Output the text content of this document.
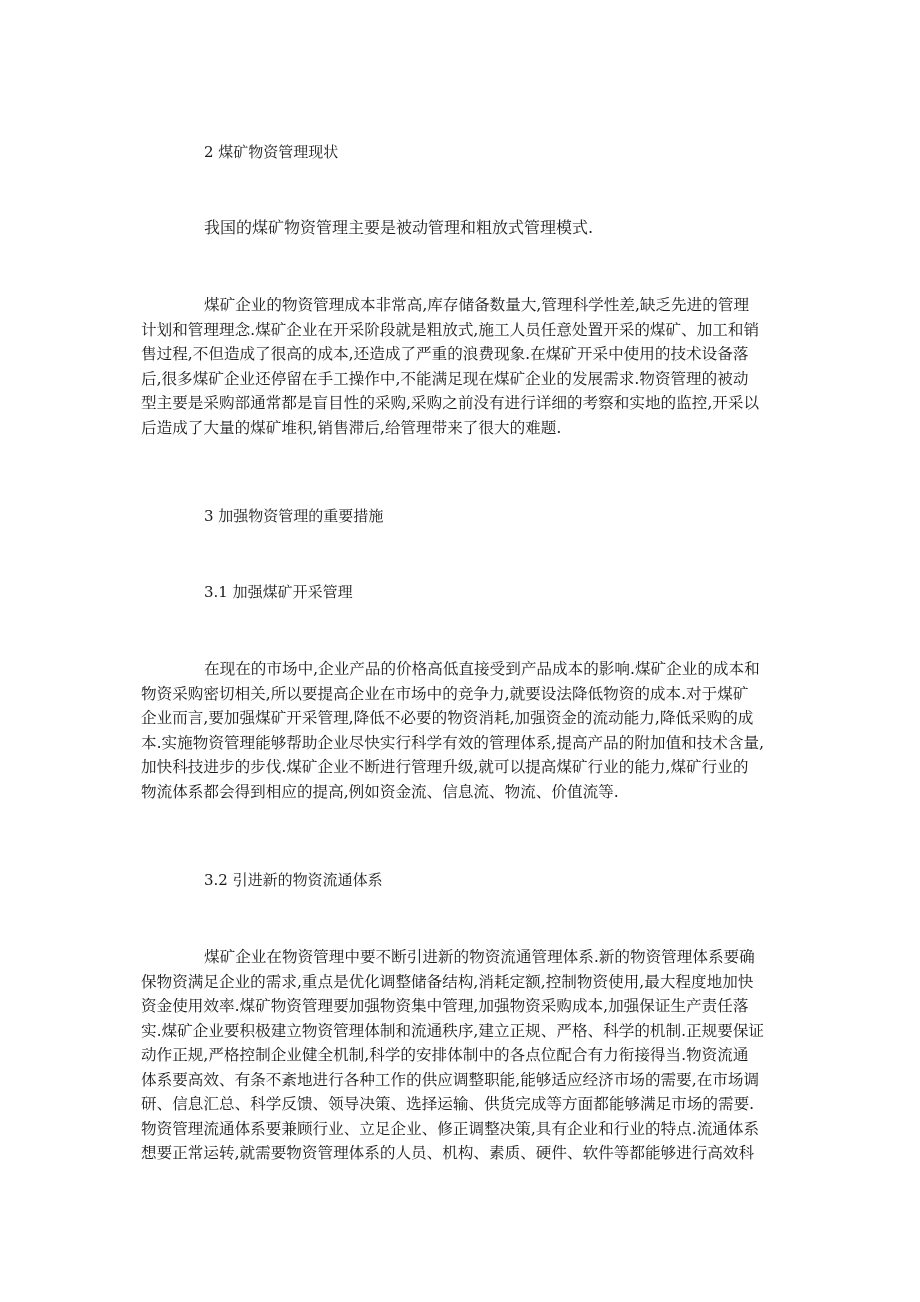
2 煤矿物资管理现状
我国的煤矿物资管理主要是被动管理和粗放式管理模式.
煤矿企业的物资管理成本非常高,库存储备数量大,管理科学性差,缺乏先进的管理
计划和管理理念.煤矿企业在开采阶段就是粗放式,施工人员任意处置开采的煤矿、加工和销
售过程,不但造成了很高的成本,还造成了严重的浪费现象.在煤矿开采中使用的技术设备落
后,很多煤矿企业还停留在手工操作中,不能满足现在煤矿企业的发展需求.物资管理的被动
型主要是采购部通常都是盲目性的采购,采购之前没有进行详细的考察和实地的监控,开采以
后造成了大量的煤矿堆积,销售滞后,给管理带来了很大的难题.
3 加强物资管理的重要措施
3.1 加强煤矿开采管理
在现在的市场中,企业产品的价格高低直接受到产品成本的影响.煤矿企业的成本和
物资采购密切相关,所以要提高企业在市场中的竞争力,就要设法降低物资的成本.对于煤矿
企业而言,要加强煤矿开采管理,降低不必要的物资消耗,加强资金的流动能力,降低采购的成
本.实施物资管理能够帮助企业尽快实行科学有效的管理体系,提高产品的附加值和技术含量,
加快科技进步的步伐.煤矿企业不断进行管理升级,就可以提高煤矿行业的能力,煤矿行业的
物流体系都会得到相应的提高,例如资金流、信息流、物流、价值流等.
3.2 引进新的物资流通体系
煤矿企业在物资管理中要不断引进新的物资流通管理体系.新的物资管理体系要确
保物资满足企业的需求,重点是优化调整储备结构,消耗定额,控制物资使用,最大程度地加快
资金使用效率.煤矿物资管理要加强物资集中管理,加强物资采购成本,加强保证生产责任落
实.煤矿企业要积极建立物资管理体制和流通秩序,建立正规、严格、科学的机制.正规要保证
动作正规,严格控制企业健全机制,科学的安排体制中的各点位配合有力衔接得当.物资流通
体系要高效、有条不紊地进行各种工作的供应调整职能,能够适应经济市场的需要,在市场调
研、信息汇总、科学反馈、领导决策、选择运输、供货完成等方面都能够满足市场的需要.
物资管理流通体系要兼顾行业、立足企业、修正调整决策,具有企业和行业的特点.流通体系
想要正常运转,就需要物资管理体系的人员、机构、素质、硬件、软件等都能够进行高效科
